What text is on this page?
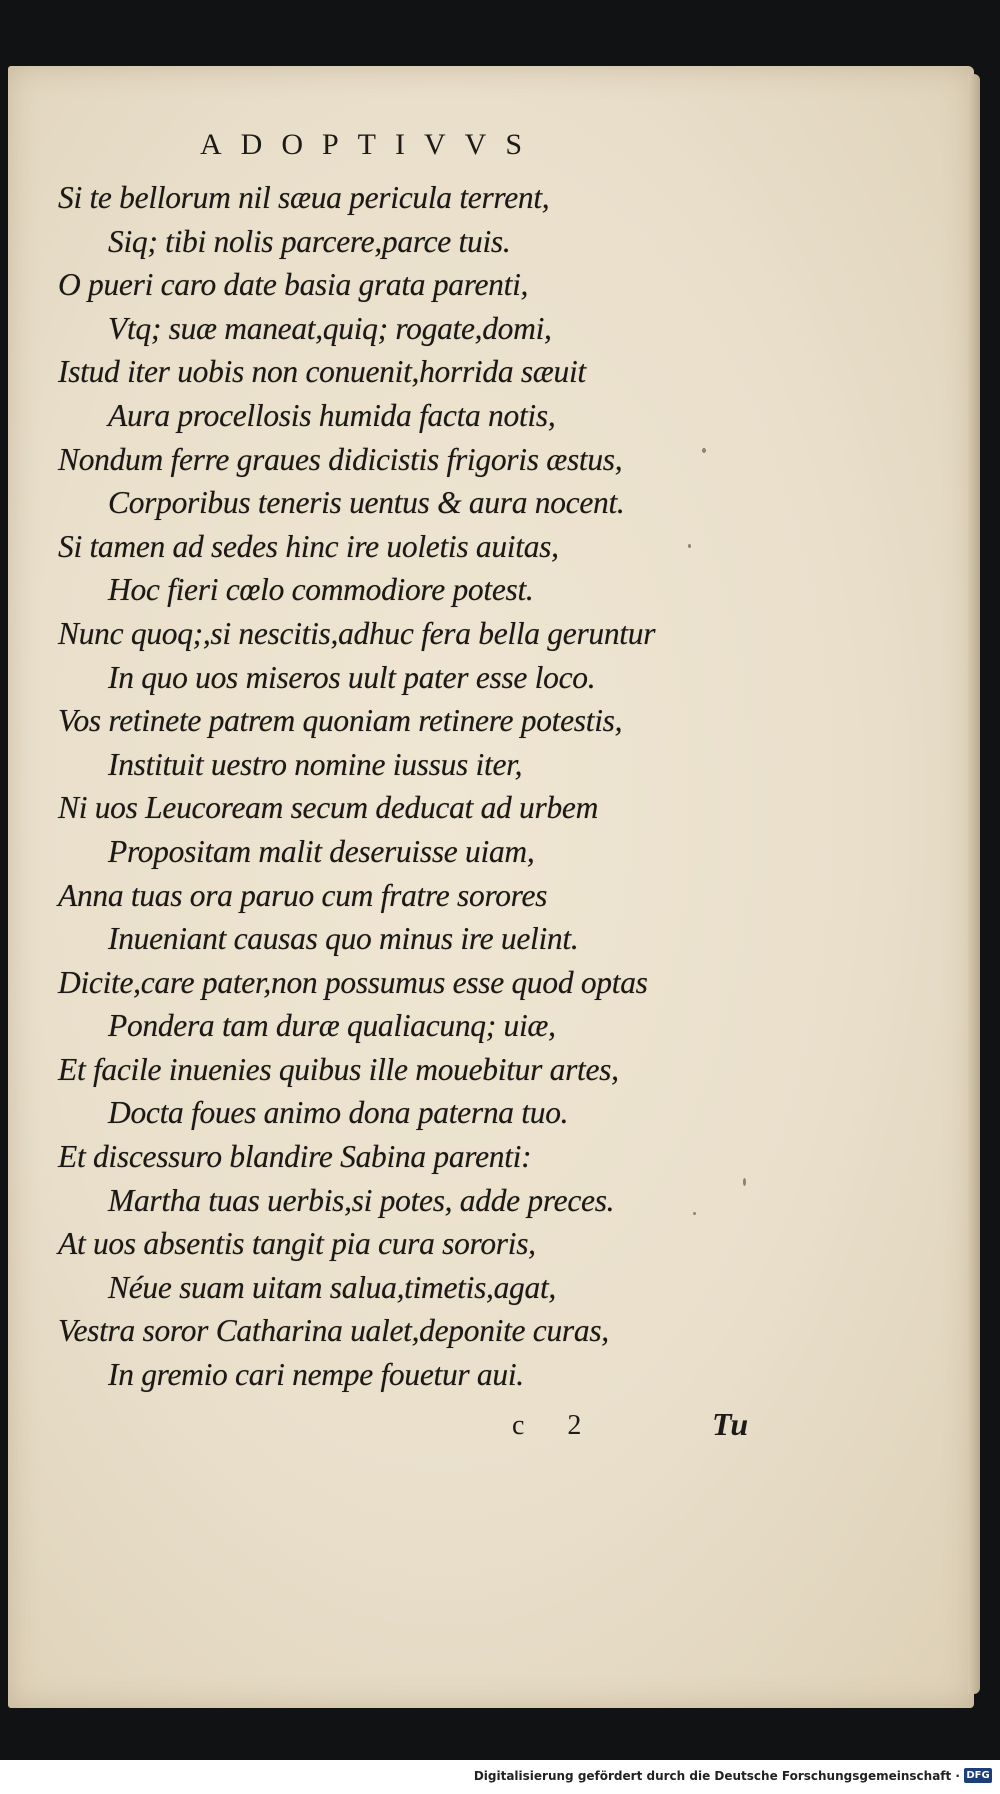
ADOPTIVVS
Si te bellorum nil sæua pericula terrent,
Siq; tibi nolis parcere,parce tuis.
O pueri caro date basia grata parenti,
Vtq; suæ maneat,quiq; rogate,domi,
Istud iter uobis non conuenit,horrida sæuit
Aura procellosis humida facta notis,
Nondum ferre graues didicistis frigoris æstus,
Corporibus teneris uentus & aura nocent.
Si tamen ad sedes hinc ire uoletis auitas,
Hoc fieri cœlo commodiore potest.
Nunc quoq;,si nescitis,adhuc fera bella geruntur
In quo uos miseros uult pater esse loco.
Vos retinete patrem quoniam retinere potestis,
Instituit uestro nomine iussus iter,
Ni uos Leucoream secum deducat ad urbem
Propositam malit deseruisse uiam,
Anna tuas ora paruo cum fratre sorores
Inueniant causas quo minus ire uelint.
Dicite,care pater,non possumus esse quod optas
Pondera tam duræ qualiacunq; uiæ,
Et facile inuenies quibus ille mouebitur artes,
Docta foues animo dona paterna tuo.
Et discessuro blandire Sabina parenti:
Martha tuas uerbis,si potes, adde preces.
At uos absentis tangit pia cura sororis,
Néue suam uitam salua,timetis,agat,
Vestra soror Catharina ualet,deponite curas,
In gremio cari nempe fouetur aui.
c 2	Tu
Digitalisierung gefördert durch die Deutsche Forschungsgemeinschaft · DFG
